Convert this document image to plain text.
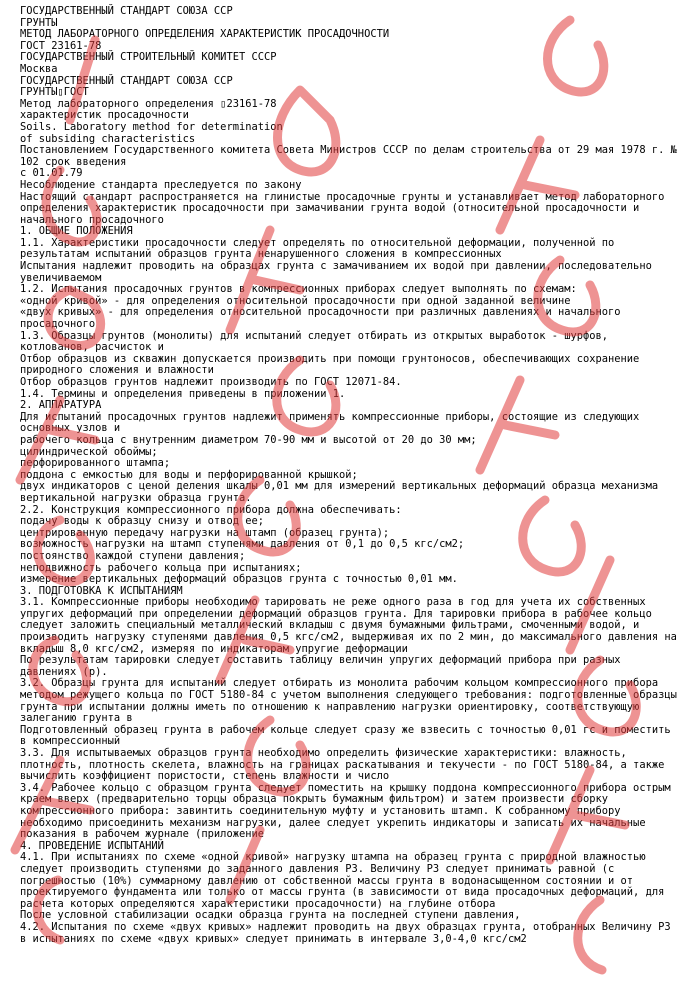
ГОСУДАРСТВЕННЫЙ СТАНДАРТ СОЮЗА ССР
ГРУНТЫ
МЕТОД ЛАБОРАТОРНОГО ОПРЕДЕЛЕНИЯ ХАРАКТЕРИСТИК ПРОСАДОЧНОСТИ
ГОСТ 23161-78
ГОСУДАРСТВЕННЫЙ СТРОИТЕЛЬНЫЙ КОМИТЕТ СССР
Москва
ГОСУДАРСТВЕННЫЙ СТАНДАРТ СОЮЗА ССР
ГРУНТЫ▯ГОСТ
Метод лабораторного определения ▯23161-78
характеристик просадочности
Soils. Laboratory method for determination
of subsiding characteristics
Постановлением Государственного комитета Совета Министров СССР по делам строительства от 29 мая 1978 г. № 102 срок введения
с 01.01.79
Несоблюдение стандарта преследуется по закону
Настоящий стандарт распространяется на глинистые просадочные грунты и устанавливает метод лабораторного определения характеристик просадочности при замачивании грунта водой (относительной просадочности и начального просадочного
1. ОБЩИЕ ПОЛОЖЕНИЯ
1.1. Характеристики просадочности следует определять по относительной деформации, полученной по результатам испытаний образцов грунта ненарушенного сложения в компрессионных
Испытания надлежит проводить на образцах грунта с замачиванием их водой при давлении, последовательно увеличиваемом
1.2. Испытания просадочных грунтов в компрессионных приборах следует выполнять по схемам:
«одной кривой» - для определения относительной просадочности при одной заданной величине
«двух кривых» - для определения относительной просадочности при различных давлениях и начального просадочного
1.3. Образцы грунтов (монолиты) для испытаний следует отбирать из открытых выработок - шурфов, котлованов, расчисток и
Отбор образцов из скважин допускается производить при помощи грунтоносов, обеспечивающих сохранение природного сложения и влажности
Отбор образцов грунтов надлежит производить по ГОСТ 12071-84.
1.4. Термины и определения приведены в приложении 1.
2. АППАРАТУРА
Для испытаний просадочных грунтов надлежит применять компрессионные приборы, состоящие из следующих основных узлов и
рабочего кольца с внутренним диаметром 70-90 мм и высотой от 20 до 30 мм;
цилиндрической обоймы;
перфорированного штампа;
поддона с емкостью для воды и перфорированной крышкой;
двух индикаторов с ценой деления шкалы 0,01 мм для измерений вертикальных деформаций образца механизма вертикальной нагрузки образца грунта.
2.2. Конструкция компрессионного прибора должна обеспечивать:
подачу воды к образцу снизу и отвод ее;
центрированную передачу нагрузки на штамп (образец грунта);
возможность нагрузки на штамп ступенями давления от 0,1 до 0,5 кгс/см2;
постоянство каждой ступени давления;
неподвижность рабочего кольца при испытаниях;
измерение вертикальных деформаций образцов грунта с точностью 0,01 мм.
3. ПОДГОТОВКА К ИСПЫТАНИЯМ
3.1. Компрессионные приборы необходимо тарировать не реже одного раза в год для учета их собственных упругих деформаций при определении деформаций образцов грунта. Для тарировки прибора в рабочее кольцо следует заложить специальный металлический вкладыш с двумя бумажными фильтрами, смоченными водой, и производить нагрузку ступенями давления 0,5 кгс/см2, выдерживая их по 2 мин, до максимального давления на вкладыш 8,0 кгс/см2, измеряя по индикаторам упругие деформации
По результатам тарировки следует составить таблицу величин упругих деформаций прибора при разных давлениях (р).
3.2. Образцы грунта для испытаний следует отбирать из монолита рабочим кольцом компрессионного прибора методом режущего кольца по ГОСТ 5180-84 с учетом выполнения следующего требования: подготовленные образцы грунта при испытании должны иметь по отношению к направлению нагрузки ориентировку, соответствующую залеганию грунта в
Подготовленный образец грунта в рабочем кольце следует сразу же взвесить с точностью 0,01 гс и поместить в компрессионный
3.3. Для испытываемых образцов грунта необходимо определить физические характеристики: влажность, плотность, плотность скелета, влажность на границах раскатывания и текучести - по ГОСТ 5180-84, а также вычислить коэффициент пористости, степень влажности и число
3.4. Рабочее кольцо с образцом грунта следует поместить на крышку поддона компрессионного прибора острым краем вверх (предварительно торцы образца покрыть бумажным фильтром) и затем произвести сборку компрессионного прибора: завинтить соединительную муфту и установить штамп. К собранному прибору необходимо присоединить механизм нагрузки, далее следует укрепить индикаторы и записать их начальные показания в рабочем журнале (приложение
4. ПРОВЕДЕНИЕ ИСПЫТАНИЙ
4.1. При испытаниях по схеме «одной кривой» нагрузку штампа на образец грунта с природной влажностью следует производить ступенями до заданного давления P3. Величину P3 следует принимать равной (с погрешностью (10%) суммарному давлению от собственной массы грунта в водонасыщенном состоянии и от проектируемого фундамента или только от массы грунта (в зависимости от вида просадочных деформаций, для расчета которых определяются характеристики просадочности) на глубине отбора
После условной стабилизации осадки образца грунта на последней ступени давления,
4.2. Испытания по схеме «двух кривых» надлежит проводить на двух образцах грунта, отобранных Величину P3 в испытаниях по схеме «двух кривых» следует принимать в интервале 3,0-4,0 кгс/см2
